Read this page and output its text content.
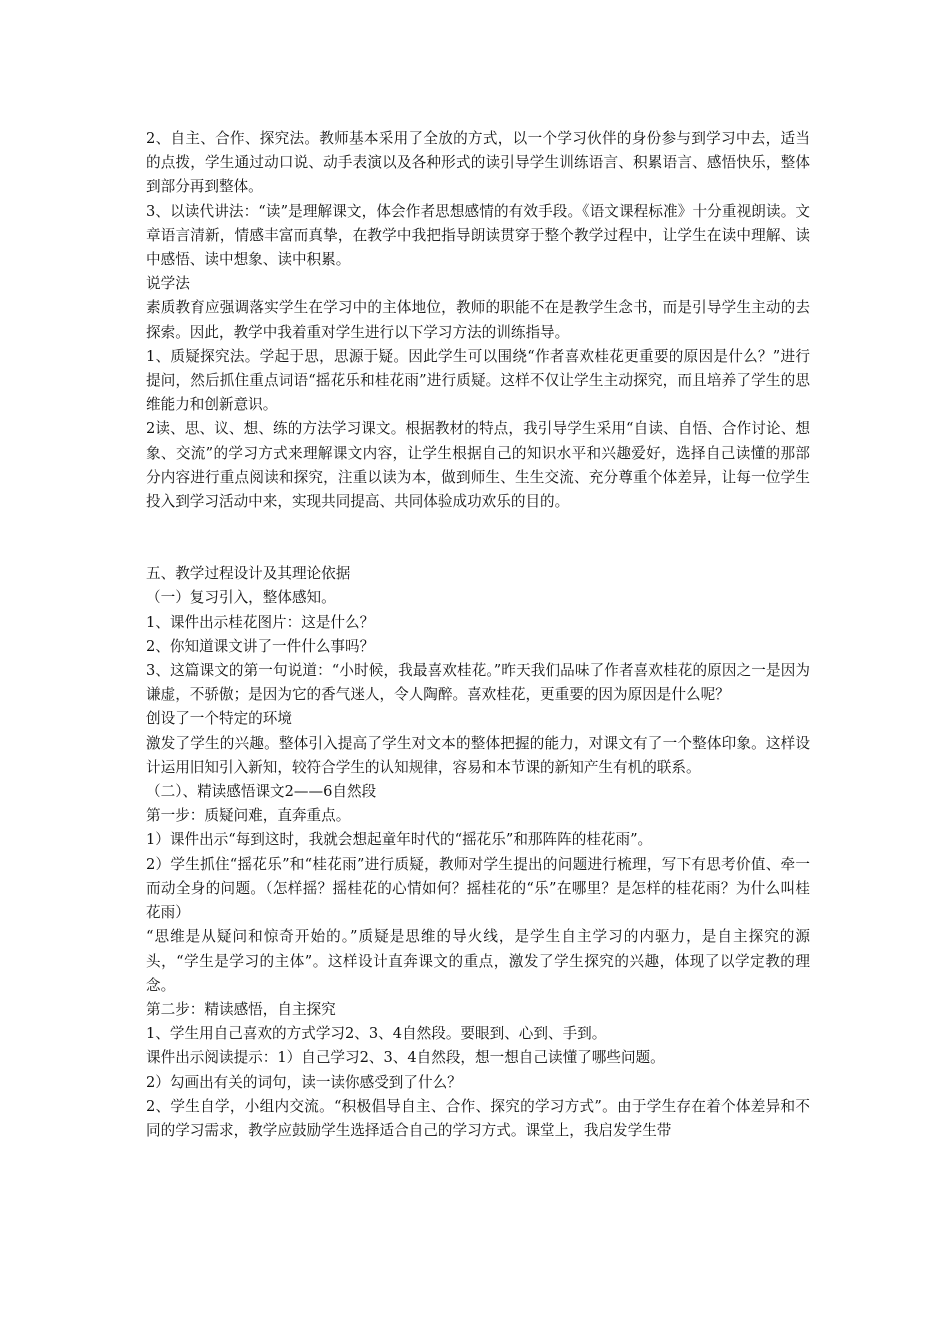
2、自主、合作、探究法。教师基本采用了全放的方式，以一个学习伙伴的身份参与到学习中去，适当的点拨，学生通过动口说、动手表演以及各种形式的读引导学生训练语言、积累语言、感悟快乐，整体到部分再到整体。

3、以读代讲法：“读”是理解课文，体会作者思想感情的有效手段。《语文课程标准》十分重视朗读。文章语言清新，情感丰富而真挚，在教学中我把指导朗读贯穿于整个教学过程中，让学生在读中理解、读中感悟、读中想象、读中积累。

说学法

素质教育应强调落实学生在学习中的主体地位，教师的职能不在是教学生念书，而是引导学生主动的去探索。因此，教学中我着重对学生进行以下学习方法的训练指导。

1、质疑探究法。学起于思，思源于疑。因此学生可以围绕“作者喜欢桂花更重要的原因是什么？”进行提问，然后抓住重点词语“摇花乐和桂花雨”进行质疑。这样不仅让学生主动探究，而且培养了学生的思维能力和创新意识。

2读、思、议、想、练的方法学习课文。根据教材的特点，我引导学生采用“自读、自悟、合作讨论、想象、交流”的学习方式来理解课文内容，让学生根据自己的知识水平和兴趣爱好，选择自己读懂的那部分内容进行重点阅读和探究，注重以读为本，做到师生、生生交流、充分尊重个体差异，让每一位学生投入到学习活动中来，实现共同提高、共同体验成功欢乐的目的。

五、教学过程设计及其理论依据

（一）复习引入，整体感知。

1、课件出示桂花图片：这是什么？

2、你知道课文讲了一件什么事吗？

3、这篇课文的第一句说道：“小时候，我最喜欢桂花。”昨天我们品味了作者喜欢桂花的原因之一是因为谦虚，不骄傲；是因为它的香气迷人，令人陶醉。喜欢桂花，更重要的因为原因是什么呢？

创设了一个特定的环境

激发了学生的兴趣。整体引入提高了学生对文本的整体把握的能力，对课文有了一个整体印象。这样设计运用旧知引入新知，较符合学生的认知规律，容易和本节课的新知产生有机的联系。

（二）、精读感悟课文2——6自然段

第一步：质疑问难，直奔重点。

1）课件出示“每到这时，我就会想起童年时代的“摇花乐”和那阵阵的桂花雨”。

2）学生抓住“摇花乐”和“桂花雨”进行质疑，教师对学生提出的问题进行梳理，写下有思考价值、牵一而动全身的问题。（怎样摇？摇桂花的心情如何？摇桂花的“乐”在哪里？是怎样的桂花雨？为什么叫桂花雨）

“思维是从疑问和惊奇开始的。”质疑是思维的导火线，是学生自主学习的内驱力，是自主探究的源头，“学生是学习的主体”。这样设计直奔课文的重点，激发了学生探究的兴趣，体现了以学定教的理念。

第二步：精读感悟，自主探究

1、学生用自己喜欢的方式学习2、3、4自然段。要眼到、心到、手到。

课件出示阅读提示：1）自己学习2、3、4自然段，想一想自己读懂了哪些问题。

2）勾画出有关的词句，读一读你感受到了什么？

2、学生自学，小组内交流。“积极倡导自主、合作、探究的学习方式”。由于学生存在着个体差异和不同的学习需求，教学应鼓励学生选择适合自己的学习方式。课堂上，我启发学生带
